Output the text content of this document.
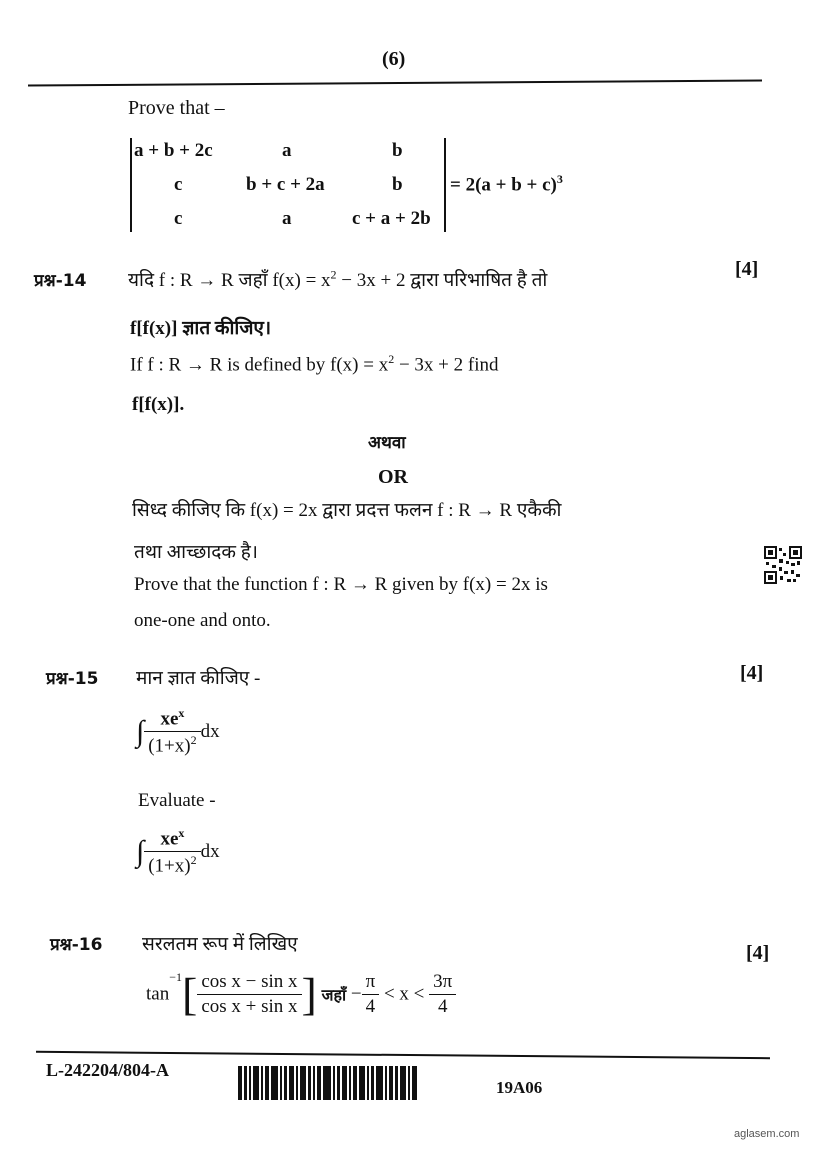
(6)
Prove that –
a + b + 2c	a	b
c	b + c + 2a	b
c	a	c + a + 2b
= $2(a + b + c)^3$
प्रश्न-14
[4]
यदि f : R → R जहाँ $f(x) = x^2 - 3x + 2$ द्वारा परिभाषित है तो
f[f(x)] ज्ञात कीजिए।
If f : R → R is defined by $f(x) = x^2 - 3x + 2$ find
f[f(x)].
अथवा
OR
सिध्द कीजिए कि f(x) = 2x द्वारा प्रदत्त फलन f : R → R एकैकी
तथा आच्छादक है।
Prove that the function f : R → R given by f(x) = 2x is
one-one and onto.
प्रश्न-15 मान ज्ञात कीजिए -	[4]
∫ $\frac{xe^x}{(1+x)^2}$ dx
Evaluate -
∫ $\frac{xe^x}{(1+x)^2}$ dx
प्रश्न-16 सरलतम रूप में लिखिए	[4]
$\tan^{-1}[ \frac{\text{cos x − sin x}}{\text{cos x + sin x}}$ ] जहाँ − $\frac{\pi}{4} < x < \frac{3\pi}{4}$
L-242204/804-A
19A06
aglasem.com
